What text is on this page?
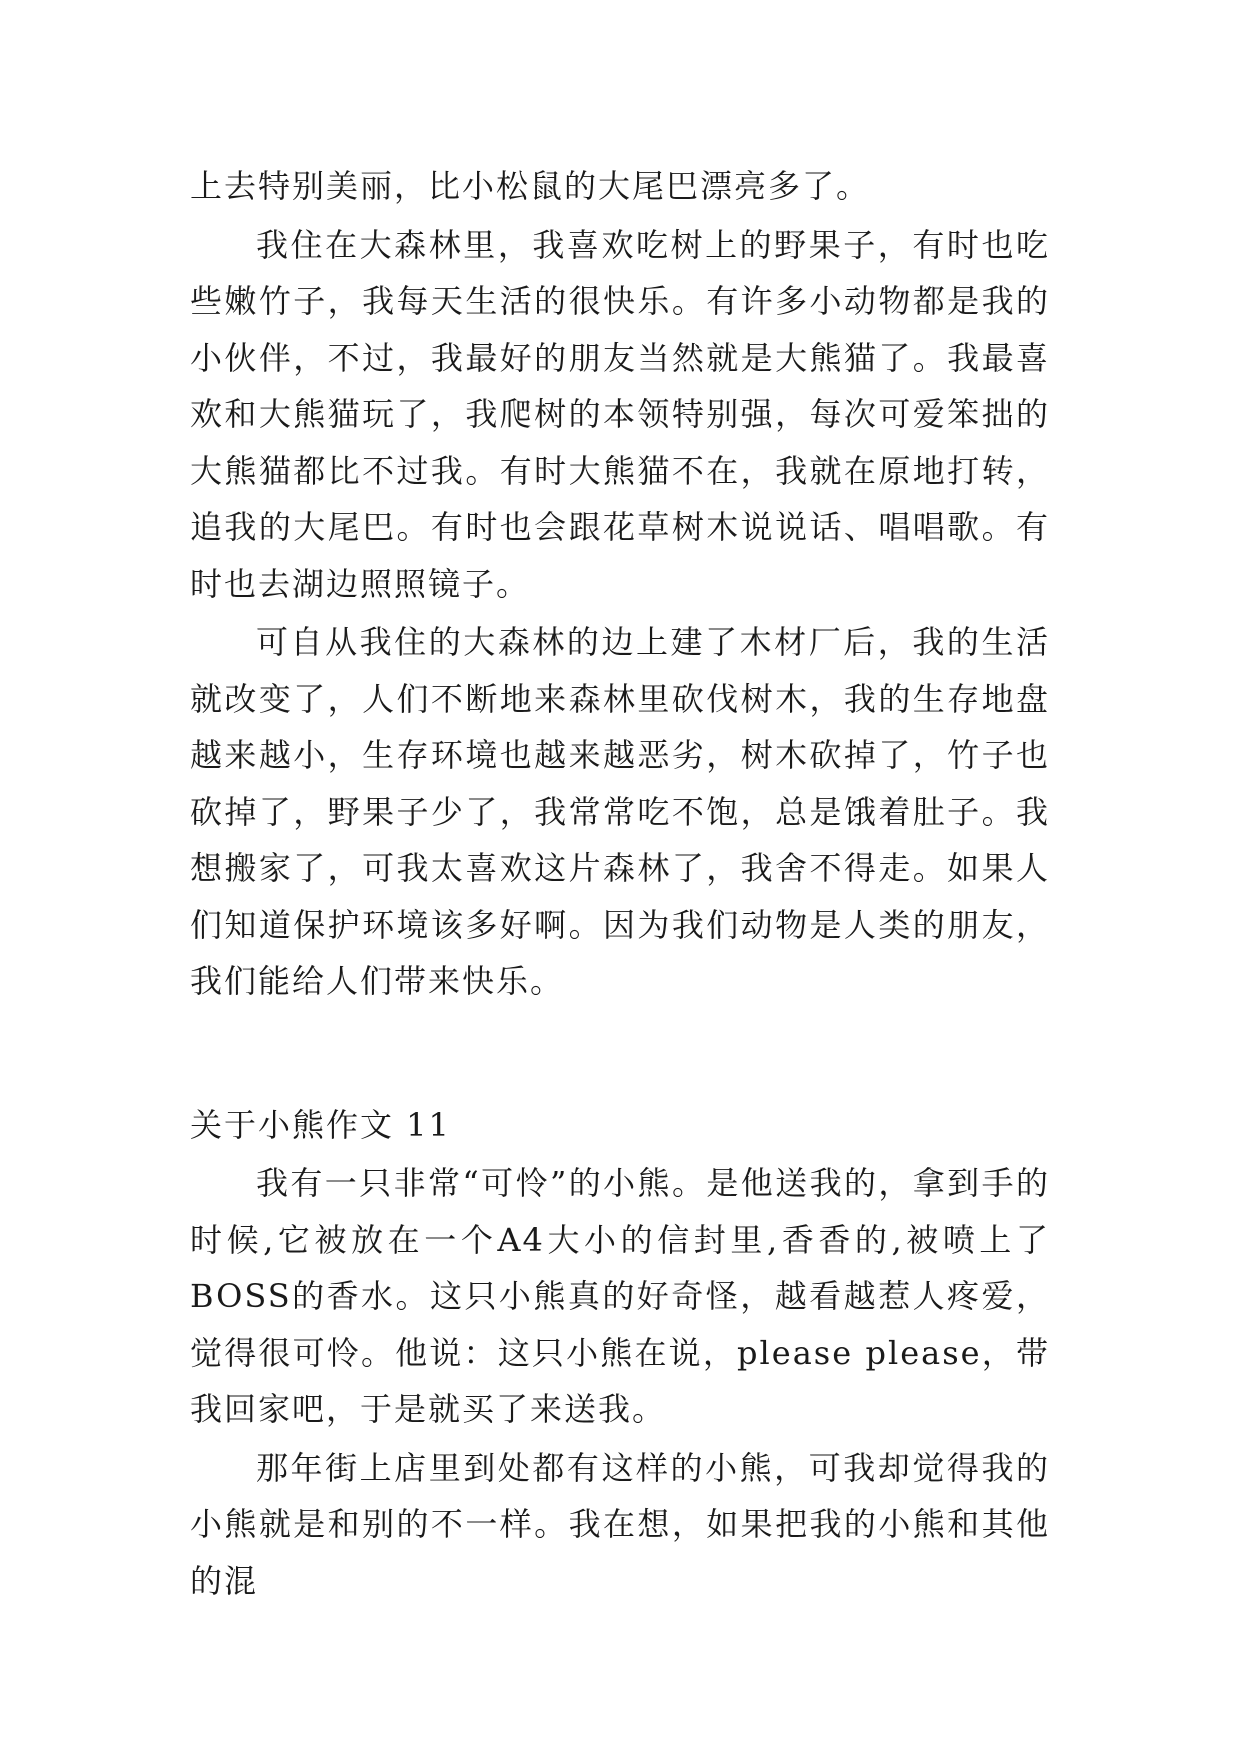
上去特别美丽，比小松鼠的大尾巴漂亮多了。

我住在大森林里，我喜欢吃树上的野果子，有时也吃些嫩竹子，我每天生活的很快乐。有许多小动物都是我的小伙伴，不过，我最好的朋友当然就是大熊猫了。我最喜欢和大熊猫玩了，我爬树的本领特别强，每次可爱笨拙的大熊猫都比不过我。有时大熊猫不在，我就在原地打转，追我的大尾巴。有时也会跟花草树木说说话、唱唱歌。有时也去湖边照照镜子。

可自从我住的大森林的边上建了木材厂后，我的生活就改变了，人们不断地来森林里砍伐树木，我的生存地盘越来越小，生存环境也越来越恶劣，树木砍掉了，竹子也砍掉了，野果子少了，我常常吃不饱，总是饿着肚子。我想搬家了，可我太喜欢这片森林了，我舍不得走。如果人们知道保护环境该多好啊。因为我们动物是人类的朋友，我们能给人们带来快乐。

关于小熊作文 11

我有一只非常“可怜”的小熊。是他送我的，拿到手的时候,它被放在一个A4大小的信封里,香香的,被喷上了BOSS的香水。这只小熊真的好奇怪，越看越惹人疼爱，觉得很可怜。他说：这只小熊在说，please please，带我回家吧，于是就买了来送我。

那年街上店里到处都有这样的小熊，可我却觉得我的小熊就是和别的不一样。我在想，如果把我的小熊和其他的混
